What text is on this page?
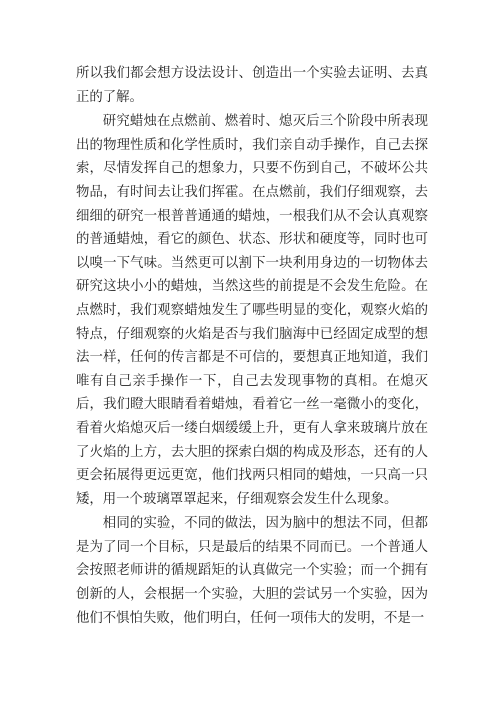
所以我们都会想方设法设计、创造出一个实验去证明、去真正的了解。

研究蜡烛在点燃前、燃着时、熄灭后三个阶段中所表现出的物理性质和化学性质时，我们亲自动手操作，自己去探索，尽情发挥自己的想象力，只要不伤到自己，不破坏公共物品，有时间去让我们挥霍。在点燃前，我们仔细观察，去细细的研究一根普普通通的蜡烛，一根我们从不会认真观察的普通蜡烛，看它的颜色、状态、形状和硬度等，同时也可以嗅一下气味。当然更可以割下一块利用身边的一切物体去研究这块小小的蜡烛，当然这些的前提是不会发生危险。在点燃时，我们观察蜡烛发生了哪些明显的变化，观察火焰的特点，仔细观察的火焰是否与我们脑海中已经固定成型的想法一样，任何的传言都是不可信的，要想真正地知道，我们唯有自己亲手操作一下，自己去发现事物的真相。在熄灭后，我们瞪大眼睛看着蜡烛，看着它一丝一毫微小的变化，看着火焰熄灭后一缕白烟缓缓上升，更有人拿来玻璃片放在了火焰的上方，去大胆的探索白烟的构成及形态，还有的人更会拓展得更远更宽，他们找两只相同的蜡烛，一只高一只矮，用一个玻璃罩罩起来，仔细观察会发生什么现象。

相同的实验，不同的做法，因为脑中的想法不同，但都是为了同一个目标，只是最后的结果不同而已。一个普通人会按照老师讲的循规蹈矩的认真做完一个实验；而一个拥有创新的人，会根据一个实验，大胆的尝试另一个实验，因为他们不惧怕失败，他们明白，任何一项伟大的发明，不是一
